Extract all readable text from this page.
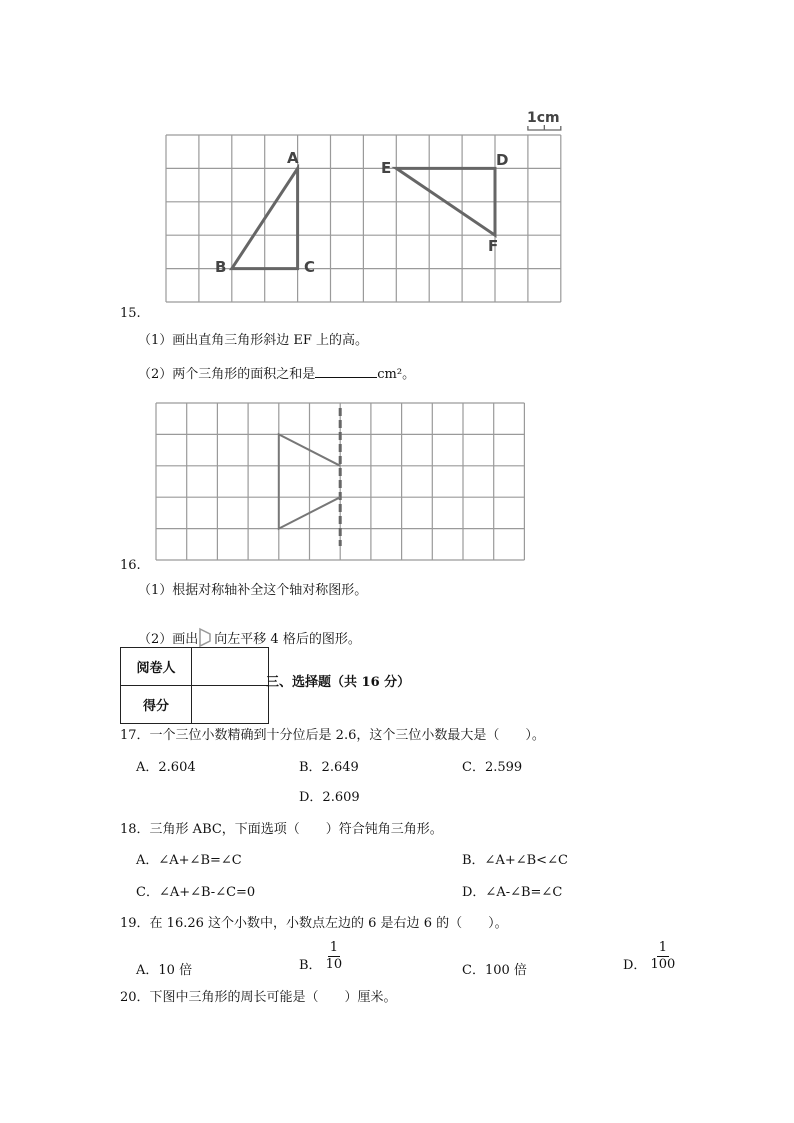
1cm
A
B	C
E	D
F
15.
（1）画出直角三角形斜边 EF 上的高。
（2）两个三角形的面积之和是	cm²。
16.
（1）根据对称轴补全这个轴对称图形。
（2）画出 向左平移 4 格后的图形。
阅卷人	
得分	
三、选择题（共 16 分）
17．一个三位小数精确到十分位后是 2.6，这个三位小数最大是（　　）。
A．2.604	B．2.649	C．2.599
D．2.609
18．三角形 ABC，下面选项（　　）符合钝角三角形。
A．∠A+∠B=∠C	B．∠A+∠B<∠C
C．∠A+∠B-∠C=0	D．∠A-∠B=∠C
19．在 16.26 这个小数中，小数点左边的 6 是右边 6 的（　　）。
A．10 倍	B． $\frac{1}{10}$	C．100 倍	D． $\frac{1}{100}$
20．下图中三角形的周长可能是（　　）厘米。
